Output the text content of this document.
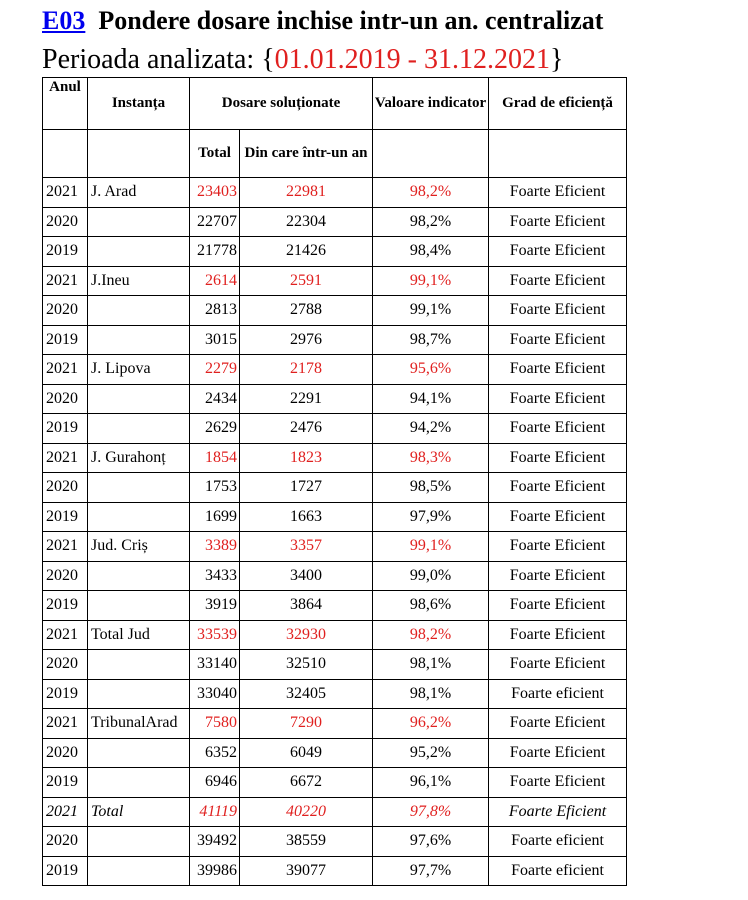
E03 Pondere dosare inchise intr-un an. centralizat
Perioada analizata: {01.01.2019 - 31.12.2021}
Anul	Instanța	Dosare soluționate		Valoare indicator	Grad de eficiență
		Total	Din care într-un an		
2021	J. Arad	23403	22981	98,2%	Foarte Eficient
2020		22707	22304	98,2%	Foarte Eficient
2019		21778	21426	98,4%	Foarte Eficient
2021	J.Ineu	2614	2591	99,1%	Foarte Eficient
2020		2813	2788	99,1%	Foarte Eficient
2019		3015	2976	98,7%	Foarte Eficient
2021	J. Lipova	2279	2178	95,6%	Foarte Eficient
2020		2434	2291	94,1%	Foarte Eficient
2019		2629	2476	94,2%	Foarte Eficient
2021	J. Gurahonț	1854	1823	98,3%	Foarte Eficient
2020		1753	1727	98,5%	Foarte Eficient
2019		1699	1663	97,9%	Foarte Eficient
2021	Jud. Criș	3389	3357	99,1%	Foarte Eficient
2020		3433	3400	99,0%	Foarte Eficient
2019		3919	3864	98,6%	Foarte Eficient
2021	Total Jud	33539	32930	98,2%	Foarte Eficient
2020		33140	32510	98,1%	Foarte Eficient
2019		33040	32405	98,1%	Foarte eficient
2021	TribunalArad	7580	7290	96,2%	Foarte Eficient
2020		6352	6049	95,2%	Foarte Eficient
2019		6946	6672	96,1%	Foarte Eficient
2021	Total	41119	40220	97,8%	Foarte Eficient
2020		39492	38559	97,6%	Foarte eficient
2019		39986	39077	97,7%	Foarte eficient
